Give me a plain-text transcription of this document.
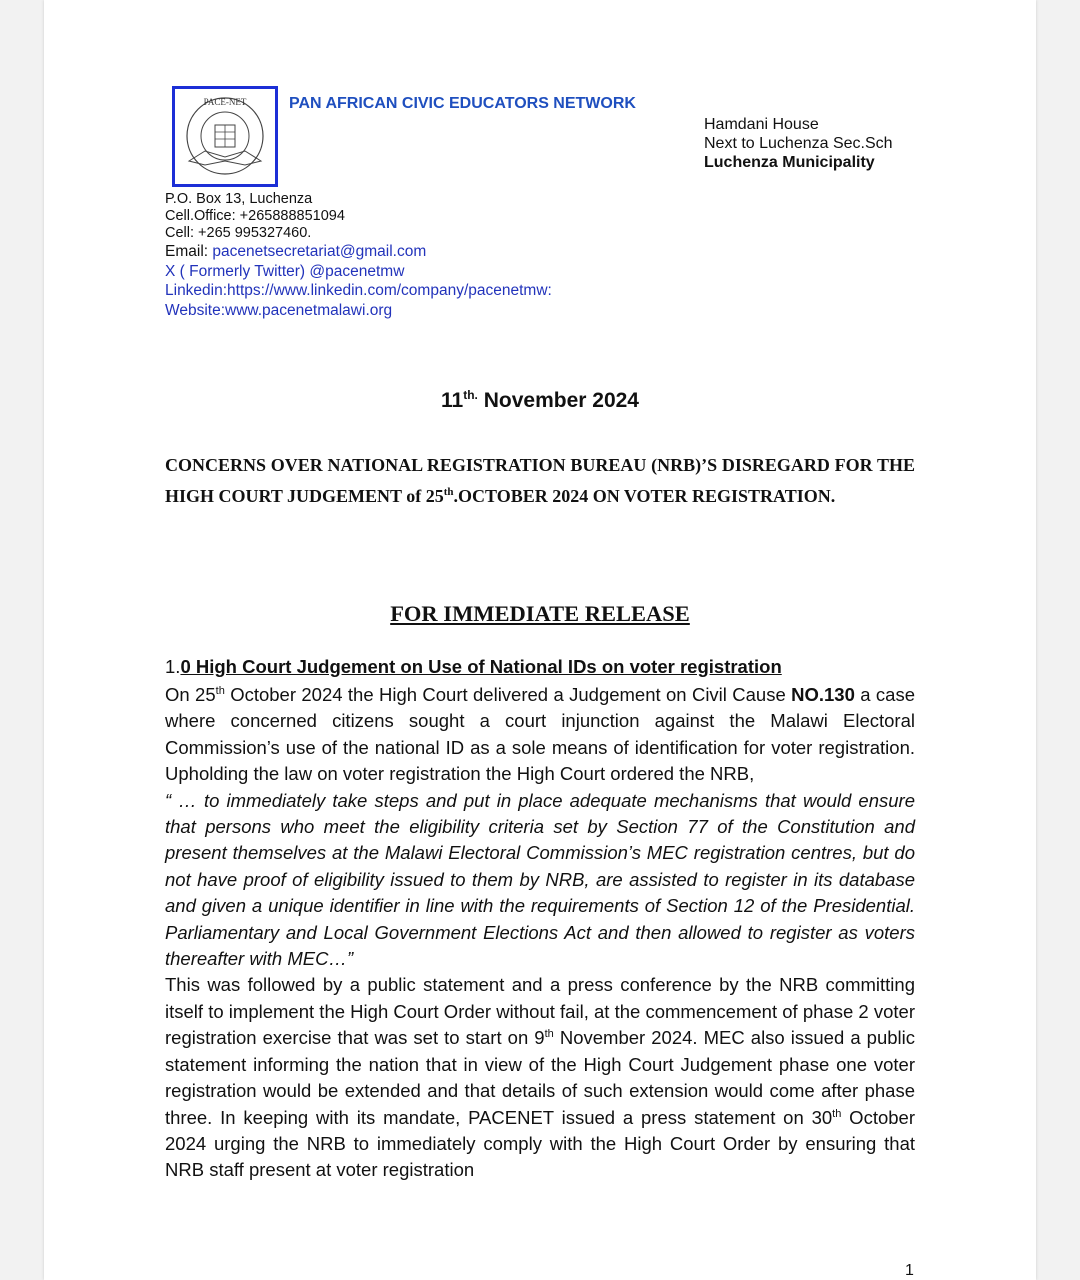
PACE-NET	PAN AFRICAN CIVIC EDUCATORS NETWORK
Hamdani House
Next to Luchenza Sec.Sch
Luchenza Municipality
P.O. Box 13, Luchenza
Cell.Office: +265888851094
Cell: +265 995327460.
Email: pacenetsecretariat@gmail.com
X ( Formerly Twitter) @pacenetmw
Linkedin:https://www.linkedin.com/company/pacenetmw:
Website:www.pacenetmalawi.org
$11^{th.}$ November 2024
CONCERNS OVER NATIONAL REGISTRATION BUREAU (NRB)’S DISREGARD FOR THE HIGH COURT JUDGEMENT of 25th.OCTOBER 2024 ON VOTER REGISTRATION.
FOR IMMEDIATE RELEASE
1.0 High Court Judgement on Use of National IDs on voter registration

On 25th October 2024 the High Court delivered a Judgement on Civil Cause NO.130 a case where concerned citizens sought a court injunction against the Malawi Electoral Commission’s use of the national ID as a sole means of identification for voter registration. Upholding the law on voter registration the High Court ordered the NRB,

“ … to immediately take steps and put in place adequate mechanisms that would ensure that persons who meet the eligibility criteria set by Section 77 of the Constitution and present themselves at the Malawi Electoral Commission’s MEC registration centres, but do not have proof of eligibility issued to them by NRB, are assisted to register in its database and given a unique identifier in line with the requirements of Section 12 of the Presidential. Parliamentary and Local Government Elections Act and then allowed to register as voters thereafter with MEC…”

This was followed by a public statement and a press conference by the NRB committing itself to implement the High Court Order without fail, at the commencement of phase 2 voter registration exercise that was set to start on 9th November 2024. MEC also issued a public statement informing the nation that in view of the High Court Judgement phase one voter registration would be extended and that details of such extension would come after phase three. In keeping with its mandate, PACENET issued a press statement on 30th October 2024 urging the NRB to immediately comply with the High Court Order by ensuring that NRB staff present at voter registration

1
